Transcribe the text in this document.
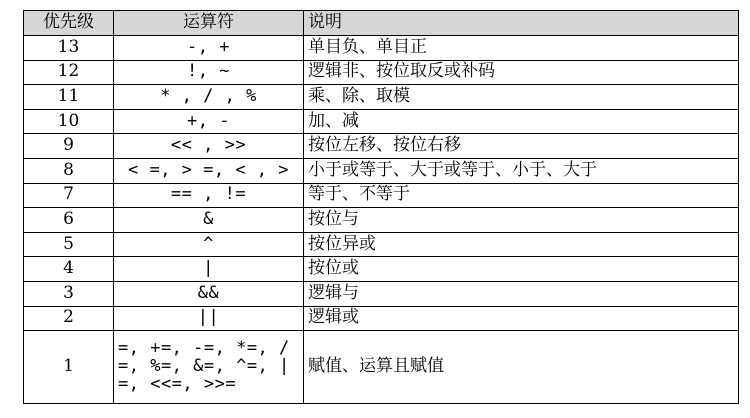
优先级	运算符	说明
13	-, +	单目负、单目正
12	!, ~	逻辑非、按位取反或补码
11	* , / , %	乘、除、取模
10	+, -	加、减
9	<< , >>	按位左移、按位右移
8	< =, > =, < , >	小于或等于、大于或等于、小于、大于
7	== , !=	等于、不等于
6	&	按位与
5	^	按位异或
4	|	按位或
3	&&	逻辑与
2	||	逻辑或
1	=, +=, -=, *=, /=, %=, &=, ^=, |=, <<=, >>=	赋值、运算且赋值
